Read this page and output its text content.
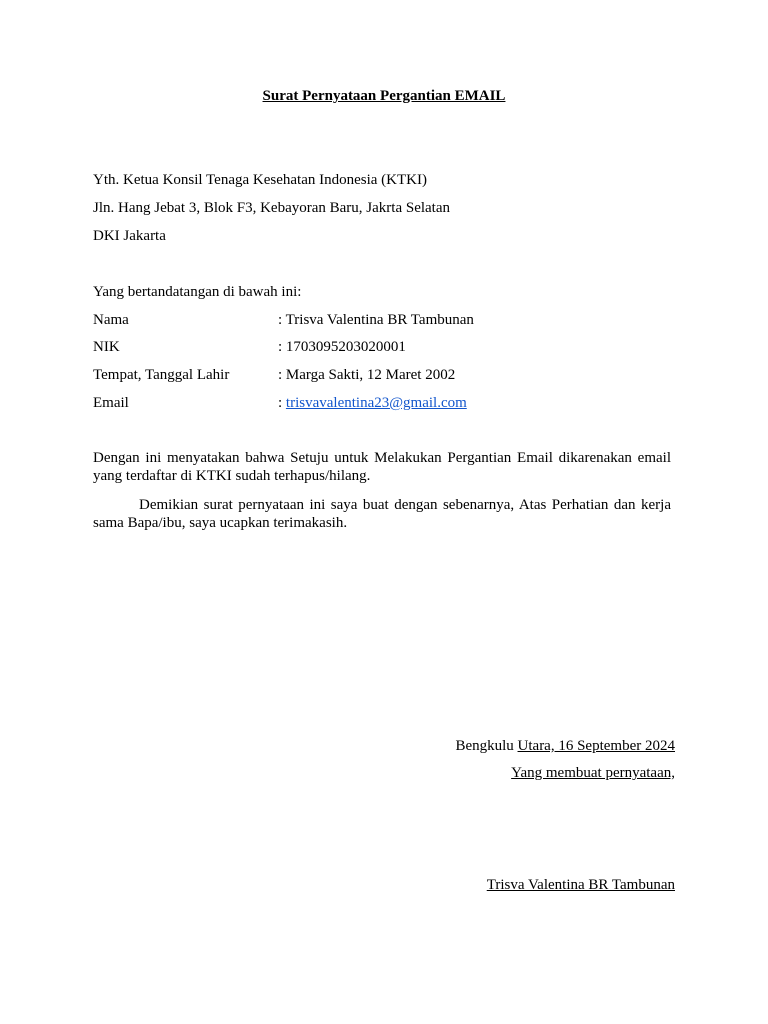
Surat Pernyataan Pergantian EMAIL
Yth. Ketua Konsil Tenaga Kesehatan Indonesia (KTKI)
Jln. Hang Jebat 3, Blok F3, Kebayoran Baru, Jakrta Selatan
DKI Jakarta
Yang bertandatangan di bawah ini:
Nama	: Trisva Valentina BR Tambunan
NIK	: 1703095203020001
Tempat, Tanggal Lahir	: Marga Sakti, 12 Maret 2002
Email	: trisvavalentina23@gmail.com
Dengan ini menyatakan bahwa Setuju untuk Melakukan Pergantian Email dikarenakan email yang terdaftar di KTKI sudah terhapus/hilang.
Demikian surat pernyataan ini saya buat dengan sebenarnya, Atas Perhatian dan kerja sama Bapa/ibu, saya ucapkan terimakasih.
Bengkulu Utara, 16 September 2024
Yang membuat pernyataan,
Trisva Valentina BR Tambunan
